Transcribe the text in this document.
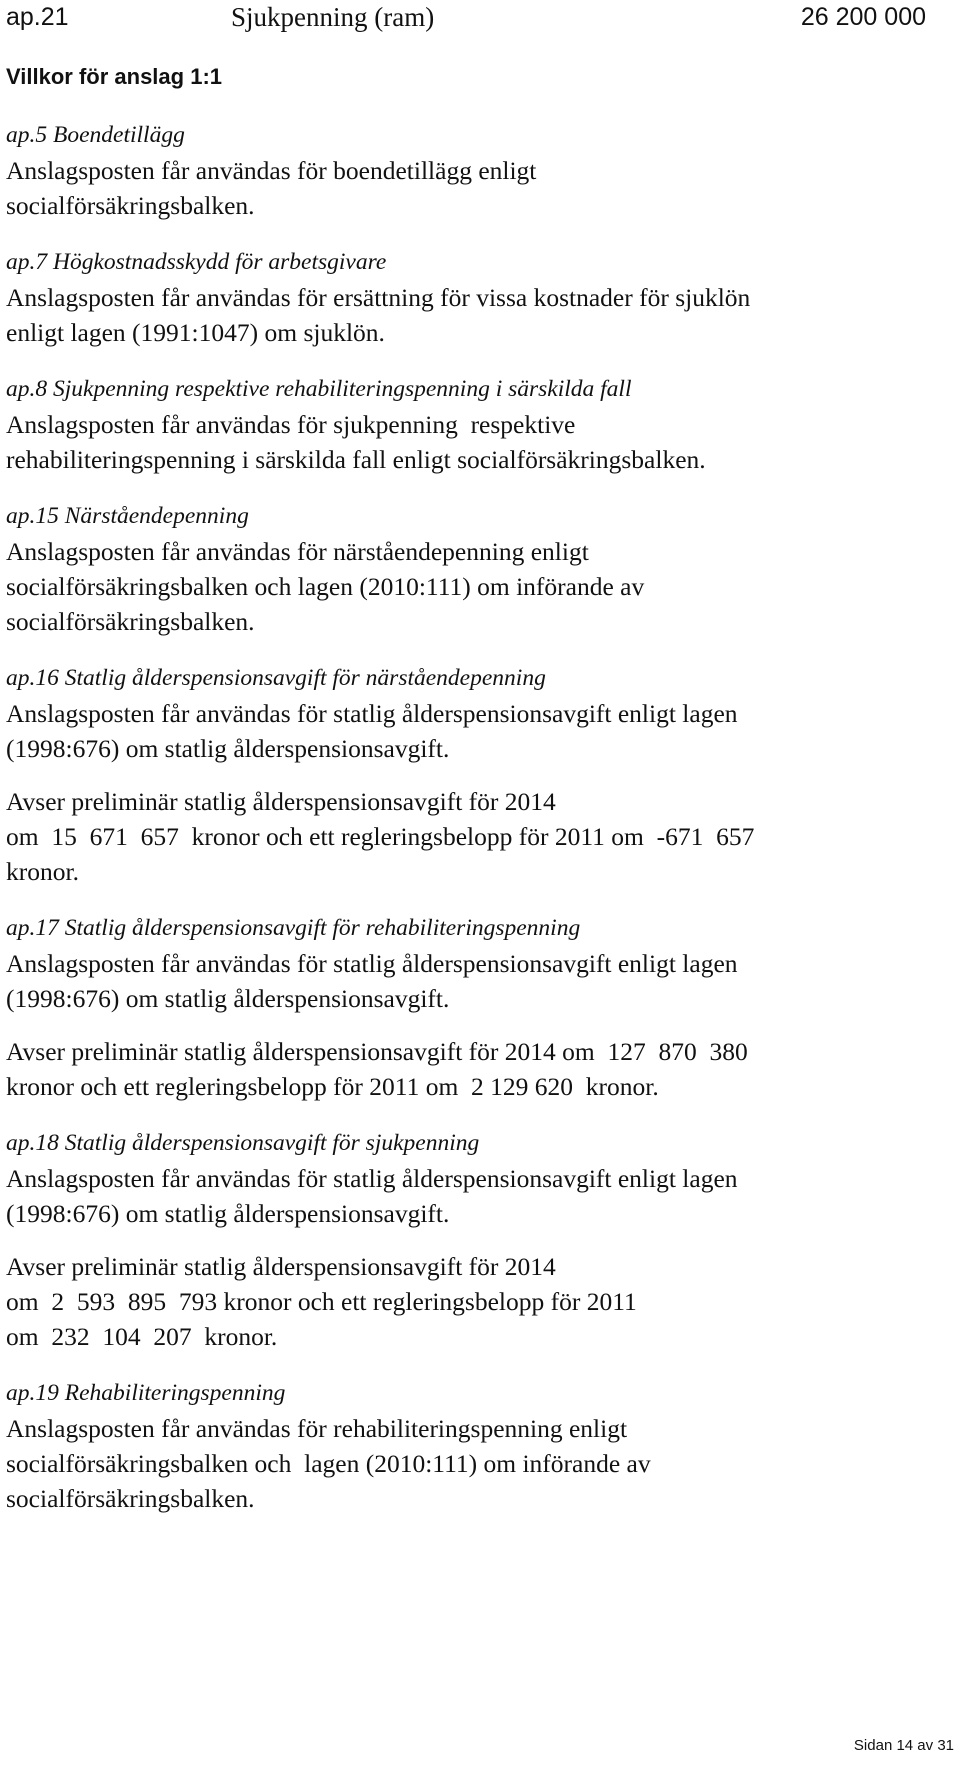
ap.21	Sjukpenning (ram)	26 200 000
Villkor för anslag 1:1

ap.5 Boendetillägg

Anslagsposten får användas för boendetillägg enligt
socialförsäkringsbalken.

ap.7 Högkostnadsskydd för arbetsgivare

Anslagsposten får användas för ersättning för vissa kostnader för sjuklön
enligt lagen (1991:1047) om sjuklön.

ap.8 Sjukpenning respektive rehabiliteringspenning i särskilda fall

Anslagsposten får användas för sjukpenning  respektive
rehabiliteringspenning i särskilda fall enligt socialförsäkringsbalken.

ap.15 Närståendepenning

Anslagsposten får användas för närståendepenning enligt
socialförsäkringsbalken och lagen (2010:111) om införande av
socialförsäkringsbalken.

ap.16 Statlig ålderspensionsavgift för närståendepenning

Anslagsposten får användas för statlig ålderspensionsavgift enligt lagen
(1998:676) om statlig ålderspensionsavgift.
Avser preliminär statlig ålderspensionsavgift för 2014
om  15  671  657  kronor och ett regleringsbelopp för 2011 om  -671  657
kronor.

ap.17 Statlig ålderspensionsavgift för rehabiliteringspenning

Anslagsposten får användas för statlig ålderspensionsavgift enligt lagen
(1998:676) om statlig ålderspensionsavgift.
Avser preliminär statlig ålderspensionsavgift för 2014 om  127  870  380
kronor och ett regleringsbelopp för 2011 om  2 129 620  kronor.

ap.18 Statlig ålderspensionsavgift för sjukpenning

Anslagsposten får användas för statlig ålderspensionsavgift enligt lagen
(1998:676) om statlig ålderspensionsavgift.
Avser preliminär statlig ålderspensionsavgift för 2014
om  2  593  895  793 kronor och ett regleringsbelopp för 2011
om  232  104  207  kronor.

ap.19 Rehabiliteringspenning

Anslagsposten får användas för rehabiliteringspenning enligt
socialförsäkringsbalken och  lagen (2010:111) om införande av
socialförsäkringsbalken.
Sidan 14 av 31
